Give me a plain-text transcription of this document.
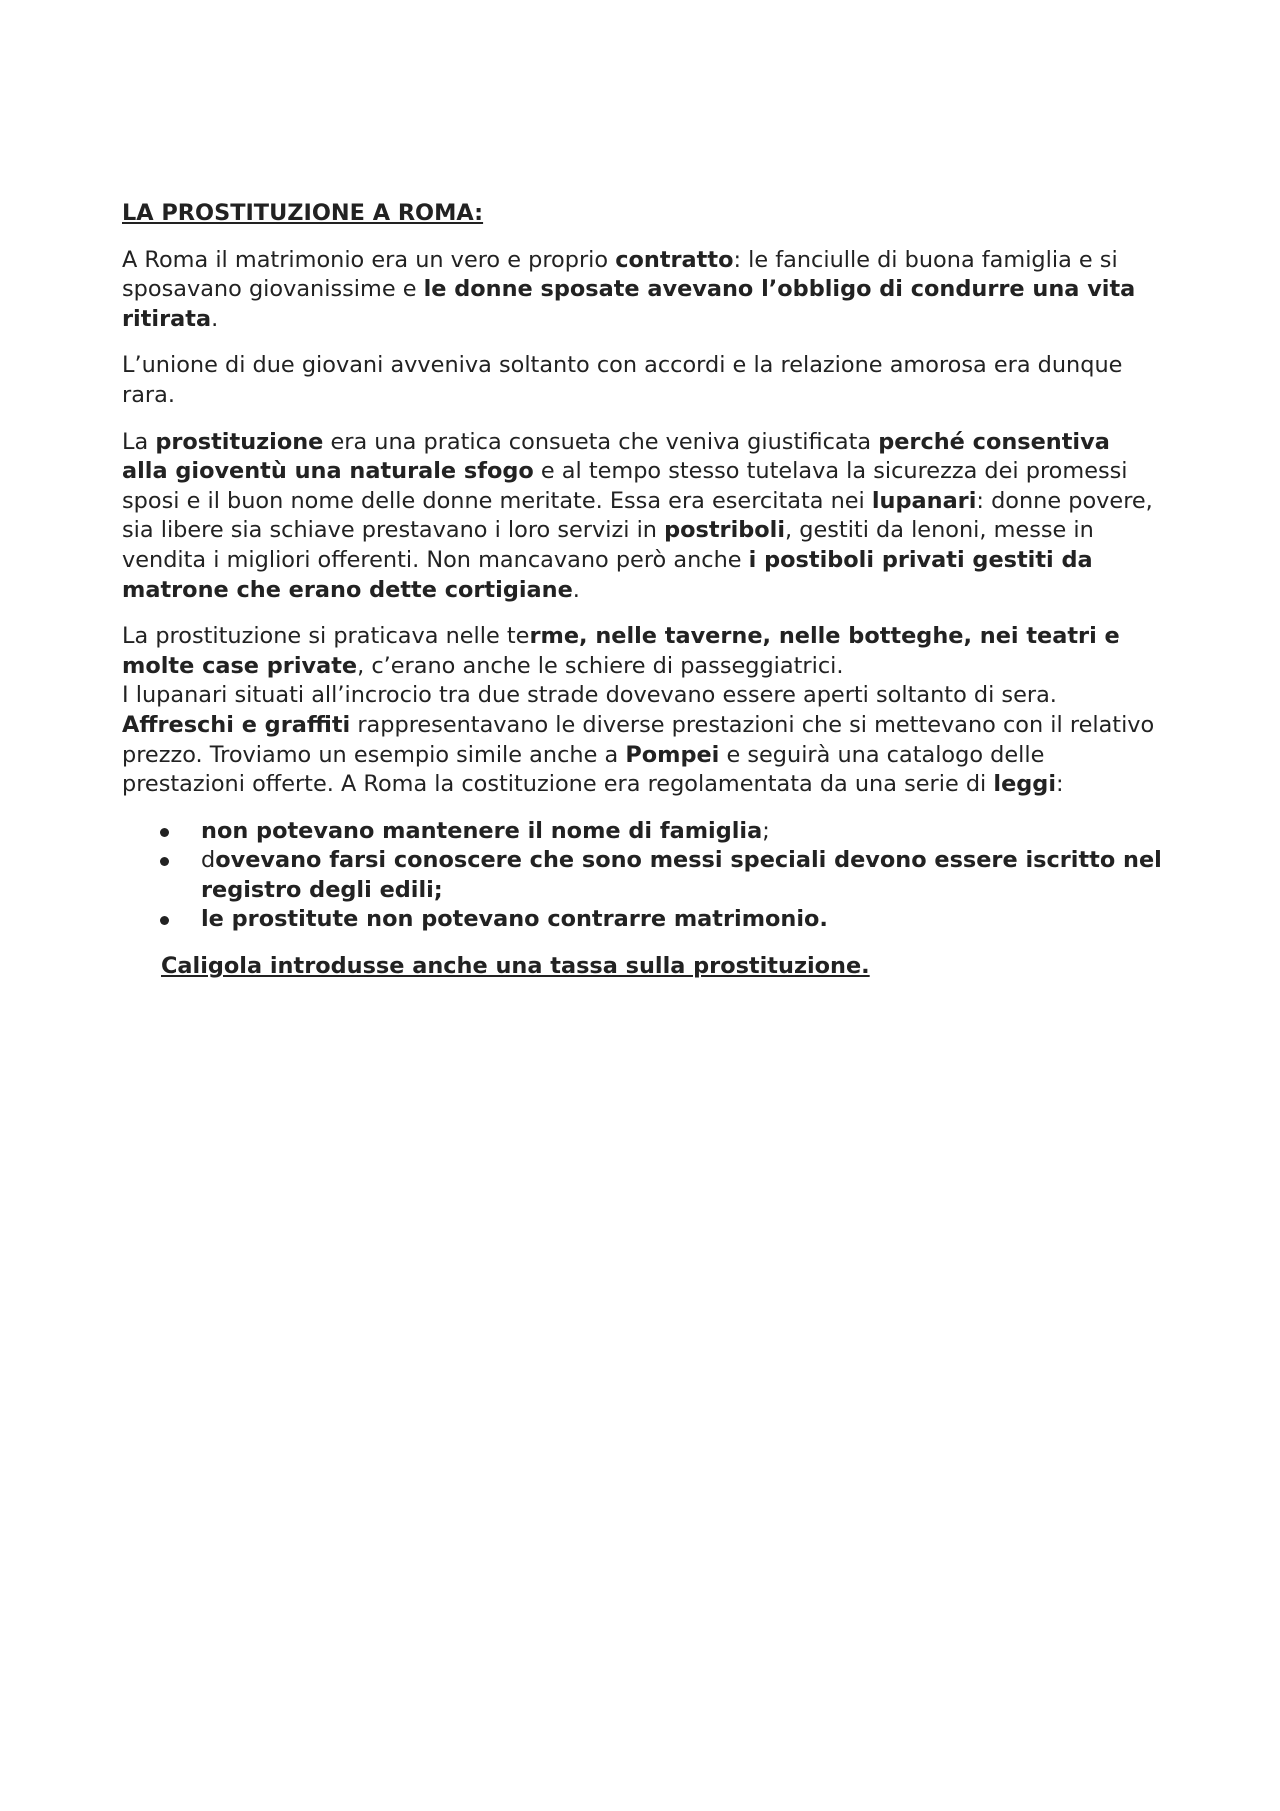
LA PROSTITUZIONE A ROMA:

A Roma il matrimonio era un vero e proprio contratto: le fanciulle di buona famiglia e si sposavano giovanissime e le donne sposate avevano l’obbligo di condurre una vita ritirata.

L’unione di due giovani avveniva soltanto con accordi e la relazione amorosa era dunque rara.

La prostituzione era una pratica consueta che veniva giustificata perché consentiva alla gioventù una naturale sfogo e al tempo stesso tutelava la sicurezza dei promessi sposi e il buon nome delle donne meritate. Essa era esercitata nei lupanari: donne povere, sia libere sia schiave prestavano i loro servizi in postriboli, gestiti da lenoni, messe in vendita i migliori offerenti. Non mancavano però anche i postiboli privati gestiti da matrone che erano dette cortigiane.

La prostituzione si praticava nelle terme, nelle taverne, nelle botteghe, nei teatri e molte case private, c’erano anche le schiere di passeggiatrici.

I lupanari situati all’incrocio tra due strade dovevano essere aperti soltanto di sera.

Affreschi e graffiti rappresentavano le diverse prestazioni che si mettevano con il relativo prezzo. Troviamo un esempio simile anche a Pompei e seguirà una catalogo delle prestazioni offerte. A Roma la costituzione era regolamentata da una serie di leggi:

non potevano mantenere il nome di famiglia;
dovevano farsi conoscere che sono messi speciali devono essere iscritto nel registro degli edili;
le prostitute non potevano contrarre matrimonio.
Caligola introdusse anche una tassa sulla prostituzione.
